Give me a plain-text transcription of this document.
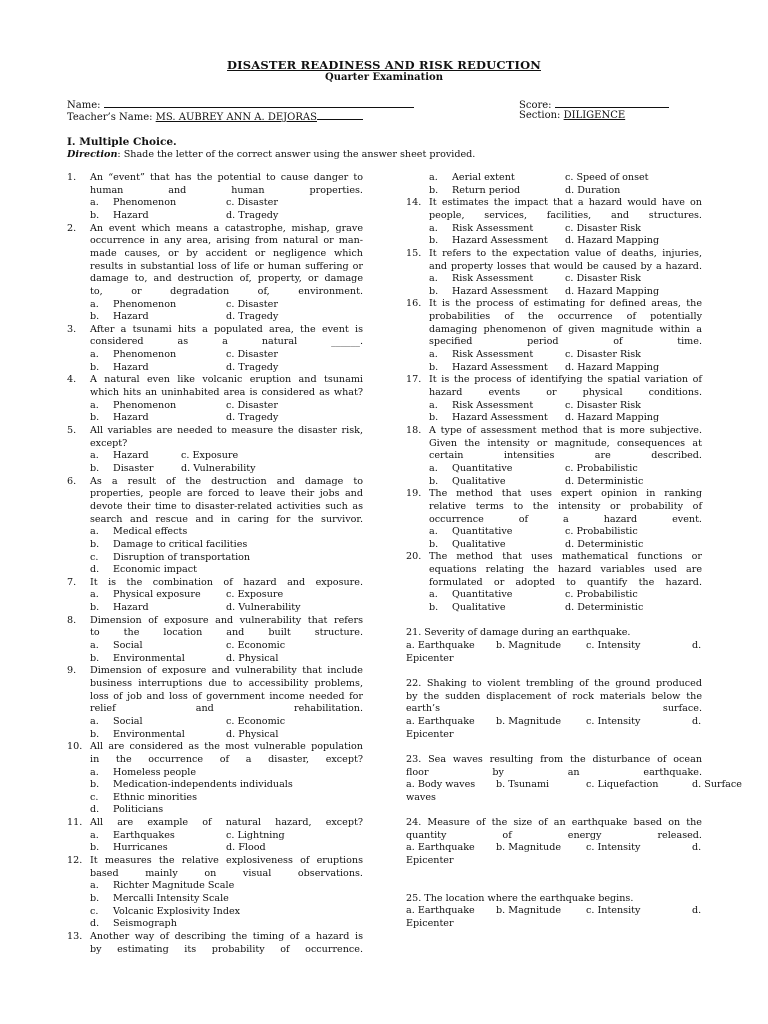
DISASTER READINESS AND RISK REDUCTION
Quarter Examination
Name:
Teacher’s Name: MS. AUBREY ANN A. DEJORAS
Score:
Section: DILIGENCE
I. Multiple Choice.
Direction: Shade the letter of the correct answer using the answer sheet provided.
1. An “event” that has the potential to cause danger to
human and human properties.
a. Phenomenon	c. Disaster
b. Hazard	d. Tragedy
2. An event which means a catastrophe, mishap, grave
occurrence in any area, arising from natural or man-
made causes, or by accident or negligence which
results in substantial loss of life or human suffering or
damage to, and destruction of, property, or damage
to, or degradation of, environment.
a. Phenomenon	c. Disaster
b. Hazard	d. Tragedy
3. After a tsunami hits a populated area, the event is
considered as a natural ______.
a. Phenomenon	c. Disaster
b. Hazard	d. Tragedy
4. A natural even like volcanic eruption and tsunami
which hits an uninhabited area is considered as what?
a. Phenomenon	c. Disaster
b. Hazard	d. Tragedy
5. All variables are needed to measure the disaster risk,
except?
a. Hazard	c. Exposure
b. Disaster	d. Vulnerability
6. As a result of the destruction and damage to
properties, people are forced to leave their jobs and
devote their time to disaster-related activities such as
search and rescue and in caring for the survivor.
a. Medical effects
b. Damage to critical facilities
c. Disruption of transportation
d. Economic impact
7. It is the combination of hazard and exposure.
a. Physical exposure	c. Exposure
b. Hazard	d. Vulnerability
8. Dimension of exposure and vulnerability that refers
to the location and built structure.
a. Social	c. Economic
b. Environmental	d. Physical
9. Dimension of exposure and vulnerability that include
business interruptions due to accessibility problems,
loss of job and loss of government income needed for
relief and rehabilitation.
a. Social	c. Economic
b. Environmental	d. Physical
10. All are considered as the most vulnerable population
in the occurrence of a disaster, except?
a. Homeless people
b. Medication-independents individuals
c. Ethnic minorities
d. Politicians
11. All are example of natural hazard, except?
a. Earthquakes	c. Lightning
b. Hurricanes	d. Flood
12. It measures the relative explosiveness of eruptions
based mainly on visual observations.
a. Richter Magnitude Scale
b. Mercalli Intensity Scale
c. Volcanic Explosivity Index
d. Seismograph
13. Another way of describing the timing of a hazard is
by estimating its probability of occurrence.
a. Aerial extent	c. Speed of onset
b. Return period	d. Duration
14. It estimates the impact that a hazard would have on
people, services, facilities, and structures.
a. Risk Assessment	c. Disaster Risk
b. Hazard Assessment d. Hazard Mapping
15. It refers to the expectation value of deaths, injuries,
and property losses that would be caused by a hazard.
a. Risk Assessment	c. Disaster Risk
b. Hazard Assessment d. Hazard Mapping
16. It is the process of estimating for defined areas, the
probabilities of the occurrence of potentially
damaging phenomenon of given magnitude within a
specified period of time.
a. Risk Assessment	c. Disaster Risk
b. Hazard Assessment d. Hazard Mapping
17. It is the process of identifying the spatial variation of
hazard events or physical conditions.
a. Risk Assessment	c. Disaster Risk
b. Hazard Assessment d. Hazard Mapping
18. A type of assessment method that is more subjective.
Given the intensity or magnitude, consequences at
certain intensities are described.
a. Quantitative	c. Probabilistic
b. Qualitative	d. Deterministic
19. The method that uses expert opinion in ranking
relative terms to the intensity or probability of
occurrence of a hazard event.
a. Quantitative	c. Probabilistic
b. Qualitative	d. Deterministic
20. The method that uses mathematical functions or
equations relating the hazard variables used are
formulated or adopted to quantify the hazard.
a. Quantitative	c. Probabilistic
b. Qualitative	d. Deterministic
21. Severity of damage during an earthquake.
a. Earthquake b. Magnitude	c. Intensity	d.
Epicenter
22. Shaking to violent trembling of the ground produced
by the sudden displacement of rock materials below the
earth’s surface.
a. Earthquake b. Magnitude	c. Intensity	d.
Epicenter
23. Sea waves resulting from the disturbance of ocean
floor by an earthquake.
a. Body waves b. Tsunami	c. Liquefaction	d. Surface
waves
24. Measure of the size of an earthquake based on the
quantity of energy released.
a. Earthquake b. Magnitude	c. Intensity	d.
Epicenter
25. The location where the earthquake begins.
a. Earthquake b. Magnitude	c. Intensity	d.
Epicenter
